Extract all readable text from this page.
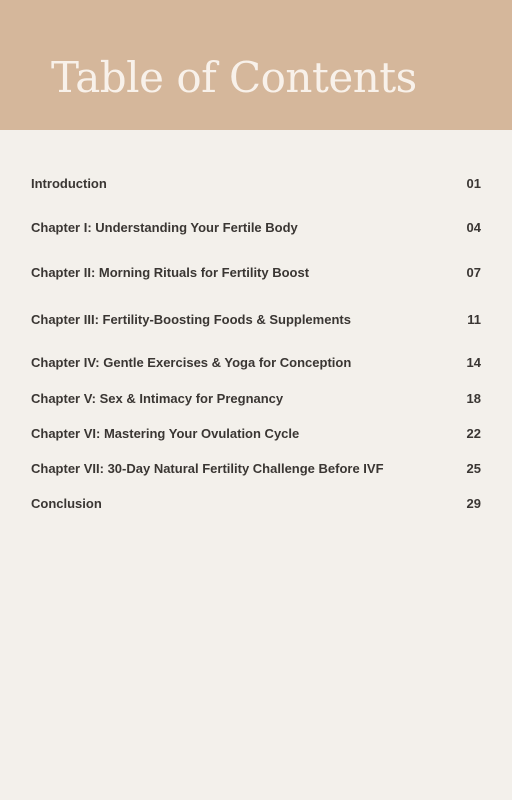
Table of Contents
Introduction	01
Chapter I: Understanding Your Fertile Body	04
Chapter II: Morning Rituals for Fertility Boost	07
Chapter III: Fertility-Boosting Foods & Supplements	11
Chapter IV: Gentle Exercises & Yoga for Conception	14
Chapter V: Sex & Intimacy for Pregnancy	18
Chapter VI: Mastering Your Ovulation Cycle	22
Chapter VII: 30-Day Natural Fertility Challenge Before IVF	25
Conclusion	29
